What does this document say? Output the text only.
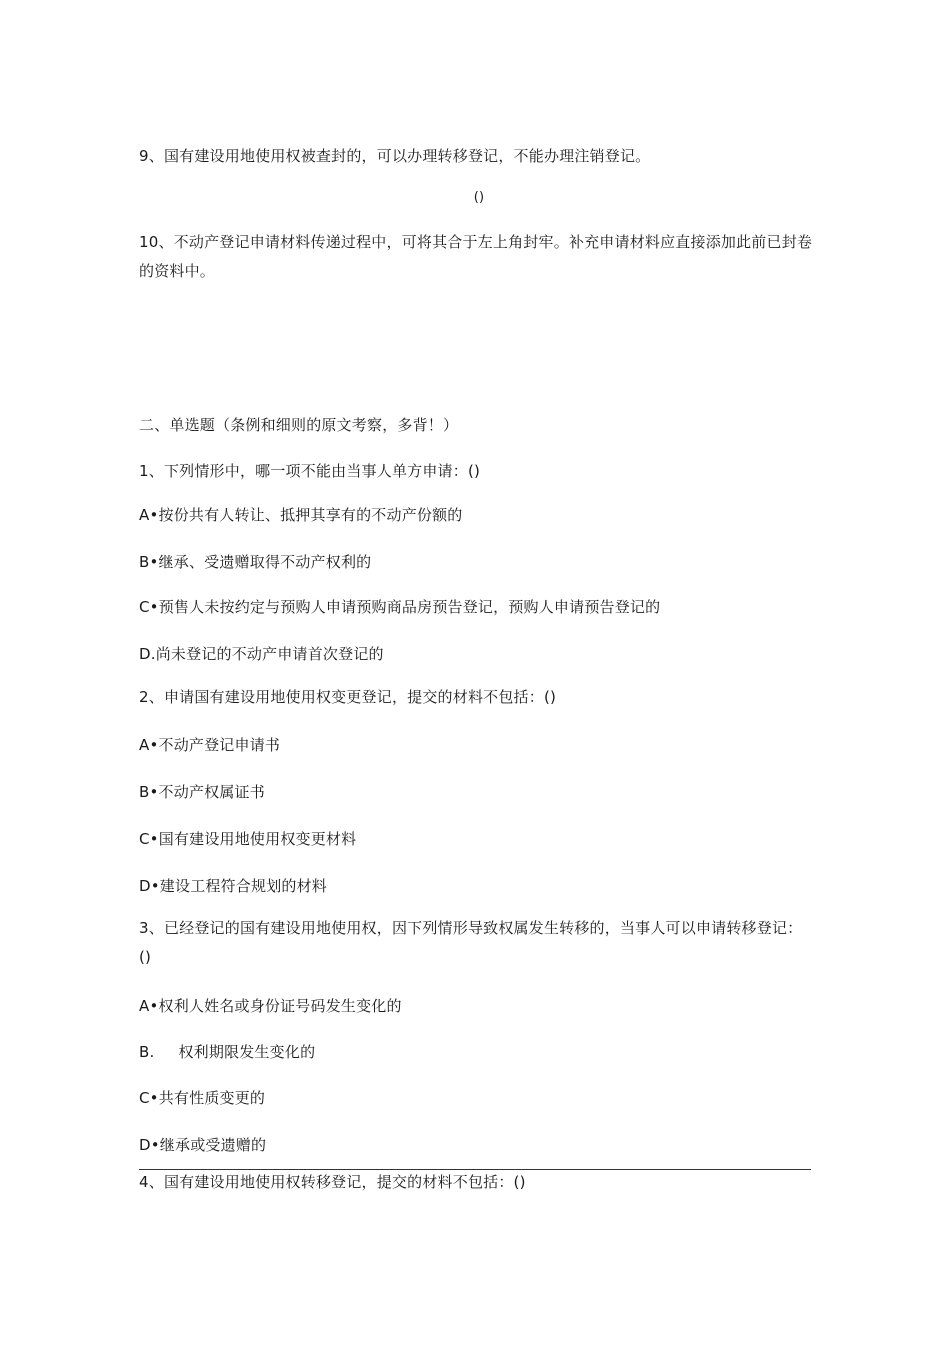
9、国有建设用地使用权被查封的，可以办理转移登记，不能办理注销登记。
()
10、不动产登记申请材料传递过程中，可将其合于左上角封牢。补充申请材料应直接添加此前已封卷的资料中。
二、单选题（条例和细则的原文考察，多背！）
1、下列情形中，哪一项不能由当事人单方申请：()
A•按份共有人转让、抵押其享有的不动产份额的
B•继承、受遗赠取得不动产权利的
C•预售人未按约定与预购人申请预购商品房预告登记，预购人申请预告登记的
D.尚未登记的不动产申请首次登记的
2、申请国有建设用地使用权变更登记，提交的材料不包括：()
A•不动产登记申请书
B•不动产权属证书
C•国有建设用地使用权变更材料
D•建设工程符合规划的材料
3、已经登记的国有建设用地使用权，因下列情形导致权属发生转移的，当事人可以申请转移登记：()
A•权利人姓名或身份证号码发生变化的
B. 权利期限发生变化的
C•共有性质变更的
D•继承或受遗赠的
4、国有建设用地使用权转移登记，提交的材料不包括：()
